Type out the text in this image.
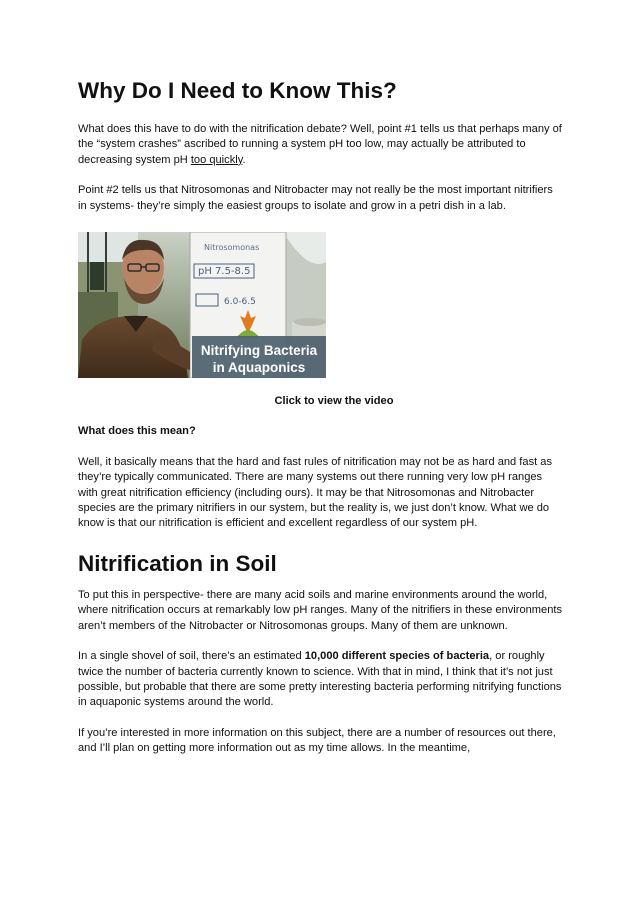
Why Do I Need to Know This?

What does this have to do with the nitrification debate? Well, point #1 tells us that perhaps many of the “system crashes” ascribed to running a system pH too low, may actually be attributed to decreasing system pH too quickly.

Point #2 tells us that Nitrosomonas and Nitrobacter may not really be the most important nitrifiers in systems- they’re simply the easiest groups to isolate and grow in a petri dish in a lab.

Nitrosomonas
pH 7.5-8.5
6.0-6.5
Nitrifying Bacteria
in Aquaponics

Click to view the video

What does this mean?

Well, it basically means that the hard and fast rules of nitrification may not be as hard and fast as they’re typically communicated. There are many systems out there running very low pH ranges with great nitrification efficiency (including ours). It may be that Nitrosomonas and Nitrobacter species are the primary nitrifiers in our system, but the reality is, we just don’t know. What we do know is that our nitrification is efficient and excellent regardless of our system pH.

Nitrification in Soil

To put this in perspective- there are many acid soils and marine environments around the world, where nitrification occurs at remarkably low pH ranges. Many of the nitrifiers in these environments aren’t members of the Nitrobacter or Nitrosomonas groups. Many of them are unknown.

In a single shovel of soil, there’s an estimated 10,000 different species of bacteria, or roughly twice the number of bacteria currently known to science. With that in mind, I think that it’s not just possible, but probable that there are some pretty interesting bacteria performing nitrifying functions in aquaponic systems around the world.

If you’re interested in more information on this subject, there are a number of resources out there, and I’ll plan on getting more information out as my time allows. In the meantime,
